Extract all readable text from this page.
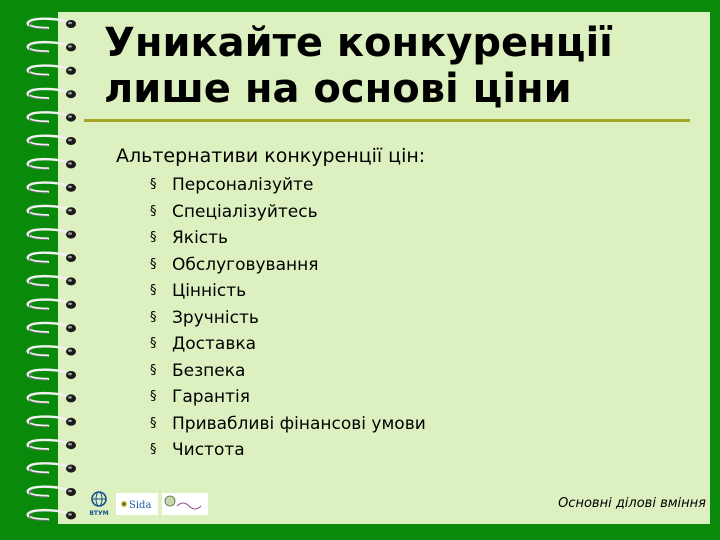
Уникайте конкуренції
лише на основі ціни
Альтернативи конкуренції цін:
§ Персоналізуйте
§ Спеціалізуйтесь
§ Якість
§ Обслуговування
§ Цінність
§ Зручність
§ Доставка
§ Безпека
§ Гарантія
§ Привабливі фінансові умови
§ Чистота
ВТУМ
Sida	Основні ділові вміння
